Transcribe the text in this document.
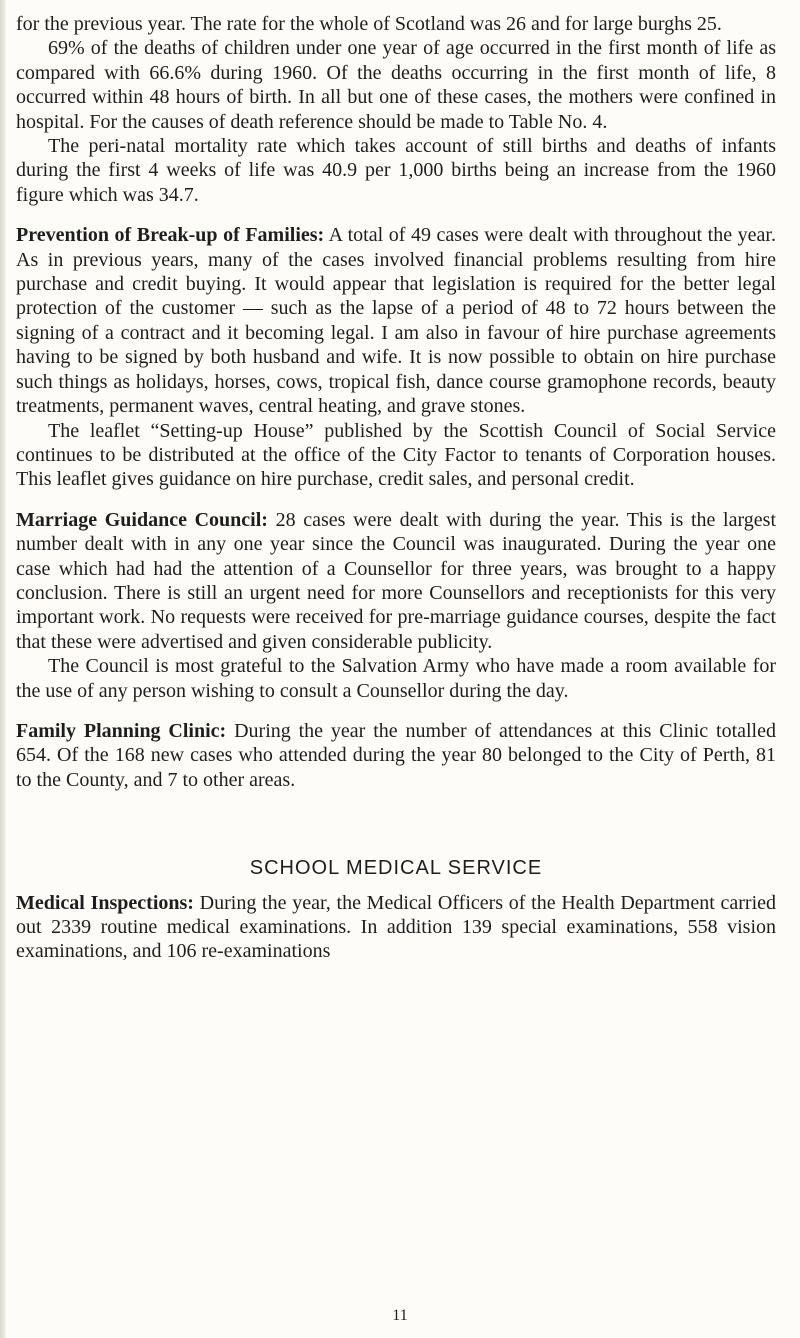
for the previous year. The rate for the whole of Scotland was 26 and for large burghs 25.

69% of the deaths of children under one year of age occurred in the first month of life as compared with 66.6% during 1960. Of the deaths occurring in the first month of life, 8 occurred within 48 hours of birth. In all but one of these cases, the mothers were confined in hospital. For the causes of death reference should be made to Table No. 4.

The peri-natal mortality rate which takes account of still births and deaths of infants during the first 4 weeks of life was 40.9 per 1,000 births being an increase from the 1960 figure which was 34.7.

Prevention of Break-up of Families: A total of 49 cases were dealt with throughout the year. As in previous years, many of the cases involved financial problems resulting from hire purchase and credit buying. It would appear that legislation is required for the better legal protection of the customer — such as the lapse of a period of 48 to 72 hours between the signing of a contract and it becoming legal. I am also in favour of hire purchase agreements having to be signed by both husband and wife. It is now possible to obtain on hire purchase such things as holidays, horses, cows, tropical fish, dance course gramophone records, beauty treatments, permanent waves, central heating, and grave stones.

The leaflet “Setting-up House” published by the Scottish Council of Social Service continues to be distributed at the office of the City Factor to tenants of Corporation houses. This leaflet gives guidance on hire purchase, credit sales, and personal credit.

Marriage Guidance Council: 28 cases were dealt with during the year. This is the largest number dealt with in any one year since the Council was inaugurated. During the year one case which had had the attention of a Counsellor for three years, was brought to a happy conclusion. There is still an urgent need for more Counsellors and receptionists for this very important work. No requests were received for pre-marriage guidance courses, despite the fact that these were advertised and given considerable publicity.

The Council is most grateful to the Salvation Army who have made a room available for the use of any person wishing to consult a Counsellor during the day.

Family Planning Clinic: During the year the number of attendances at this Clinic totalled 654. Of the 168 new cases who attended during the year 80 belonged to the City of Perth, 81 to the County, and 7 to other areas.

SCHOOL MEDICAL SERVICE

Medical Inspections: During the year, the Medical Officers of the Health Department carried out 2339 routine medical examinations. In addition 139 special examinations, 558 vision examinations, and 106 re-examinations

11
